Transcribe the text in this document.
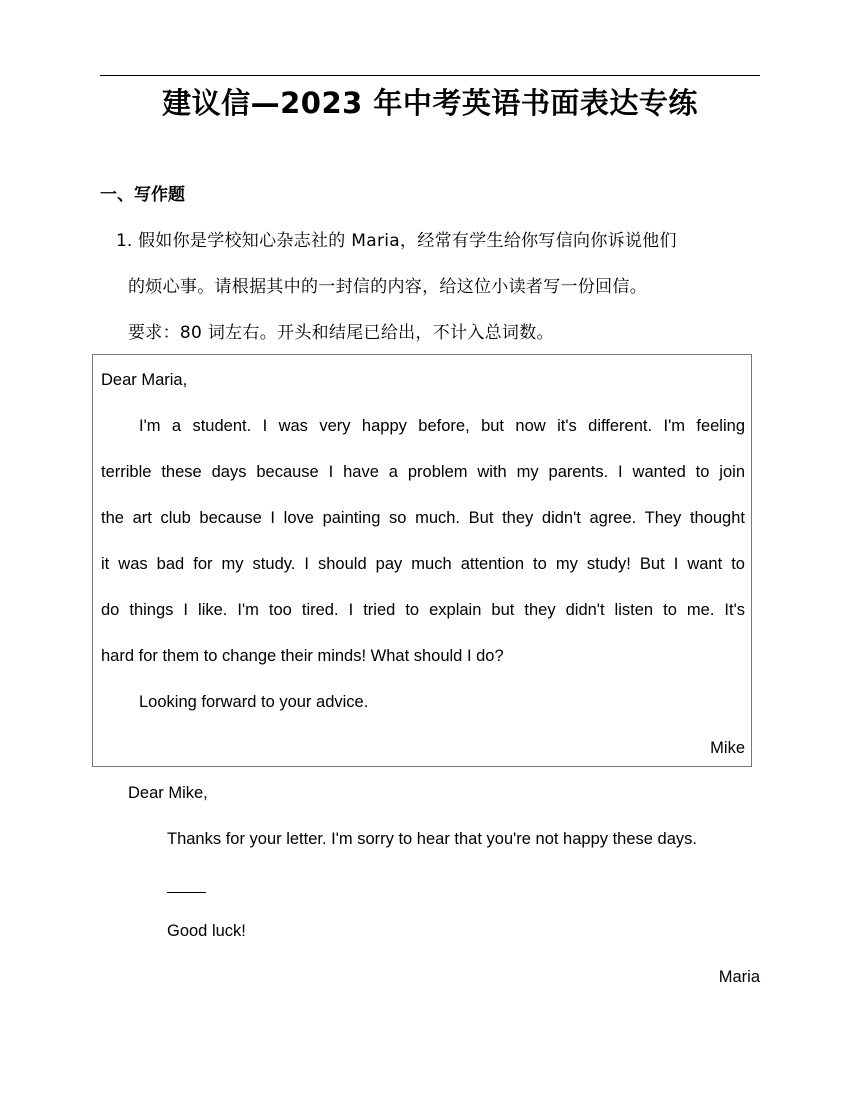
建议信—2023 年中考英语书面表达专练
一、写作题
1. 假如你是学校知心杂志社的 Maria，经常有学生给你写信向你诉说他们
的烦心事。请根据其中的一封信的内容，给这位小读者写一份回信。
要求：80 词左右。开头和结尾已给出，不计入总词数。
Dear Maria,
I'm a student. I was very happy before, but now it's different. I'm feeling
terrible these days because I have a problem with my parents. I wanted to join
the art club because I love painting so much. But they didn't agree. They thought
it was bad for my study. I should pay much attention to my study! But I want to
do things I like. I'm too tired. I tried to explain but they didn't listen to me. It's
hard for them to change their minds! What should I do?
Looking forward to your advice.
Mike
Dear Mike,
Thanks for your letter. I'm sorry to hear that you're not happy these days.
Good luck!
Maria
